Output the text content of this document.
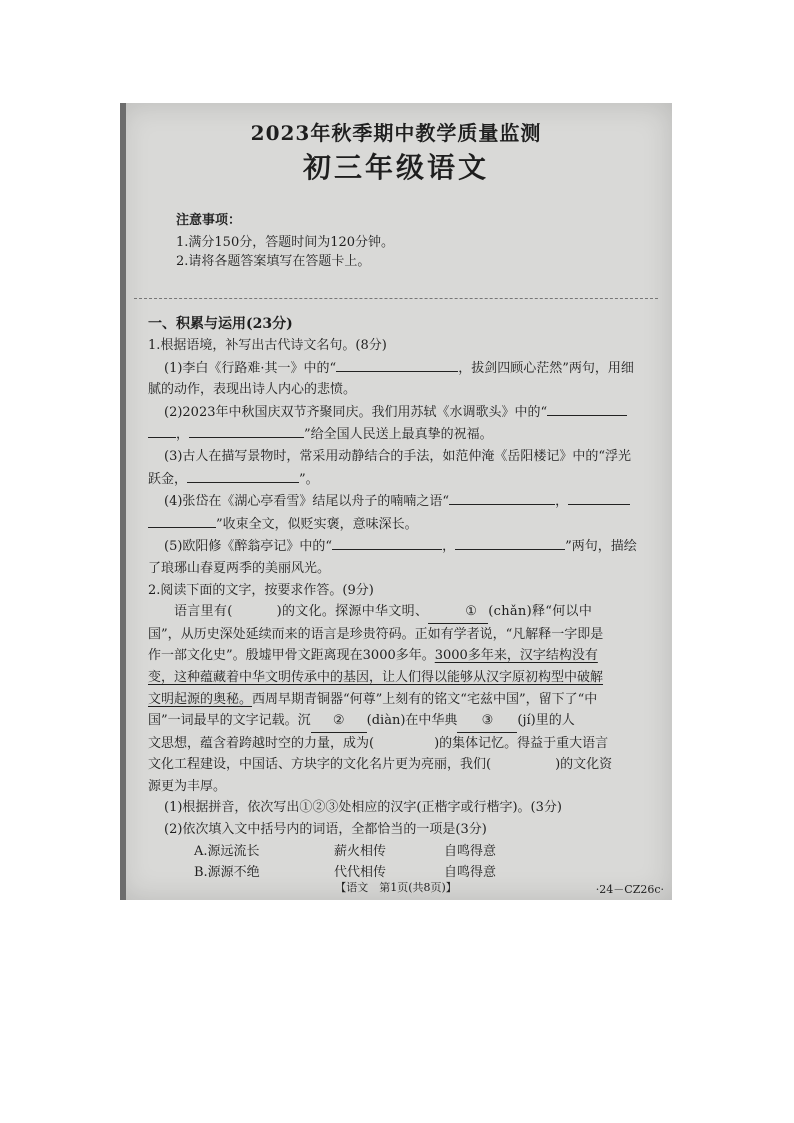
2023年秋季期中教学质量监测
初三年级语文
注意事项：
1.满分150分，答题时间为120分钟。
2.请将各题答案填写在答题卡上。
一、积累与运用(23分)

1.根据语境，补写出古代诗文名句。(8分)

(1)李白《行路难·其一》中的“	，拔剑四顾心茫然”两句，用细

腻的动作，表现出诗人内心的悲愤。

(2)2023年中秋国庆双节齐聚同庆。我们用苏轼《水调歌头》中的“

，	”给全国人民送上最真挚的祝福。

(3)古人在描写景物时，常采用动静结合的手法，如范仲淹《岳阳楼记》中的“浮光

跃金，	”。

(4)张岱在《湖心亭看雪》结尾以舟子的喃喃之语“	，

”收束全文，似贬实褒，意味深长。

(5)欧阳修《醉翁亭记》中的“	，	”两句，描绘

了琅琊山春夏两季的美丽风光。

2.阅读下面的文字，按要求作答。(9分)

语言里有(	)的文化。探源中华文明、	① (chǎn)释“何以中

国”，从历史深处延续而来的语言是珍贵符码。正如有学者说，“凡解释一字即是

作一部文化史”。殷墟甲骨文距离现在3000多年。3000多年来，汉字结构没有

变，这种蕴藏着中华文明传承中的基因，让人们得以能够从汉字原初构型中破解

文明起源的奥秘。西周早期青铜器“何尊”上刻有的铭文“宅兹中国”，留下了“中

国”一词最早的文字记载。沉 ② (diàn)在中华典 ③ (jí)里的人

文思想，蕴含着跨越时空的力量，成为(	)的集体记忆。得益于重大语言

文化工程建设，中国话、方块字的文化名片更为亮丽，我们(	)的文化资

源更为丰厚。

(1)根据拼音，依次写出①②③处相应的汉字(正楷字或行楷字)。(3分)

(2)依次填入文中括号内的词语，全都恰当的一项是(3分)

A.源远流长	薪火相传	自鸣得意

B.源源不绝	代代相传	自鸣得意

【语文　第1页(共8页)】	·24－CZ26c·
